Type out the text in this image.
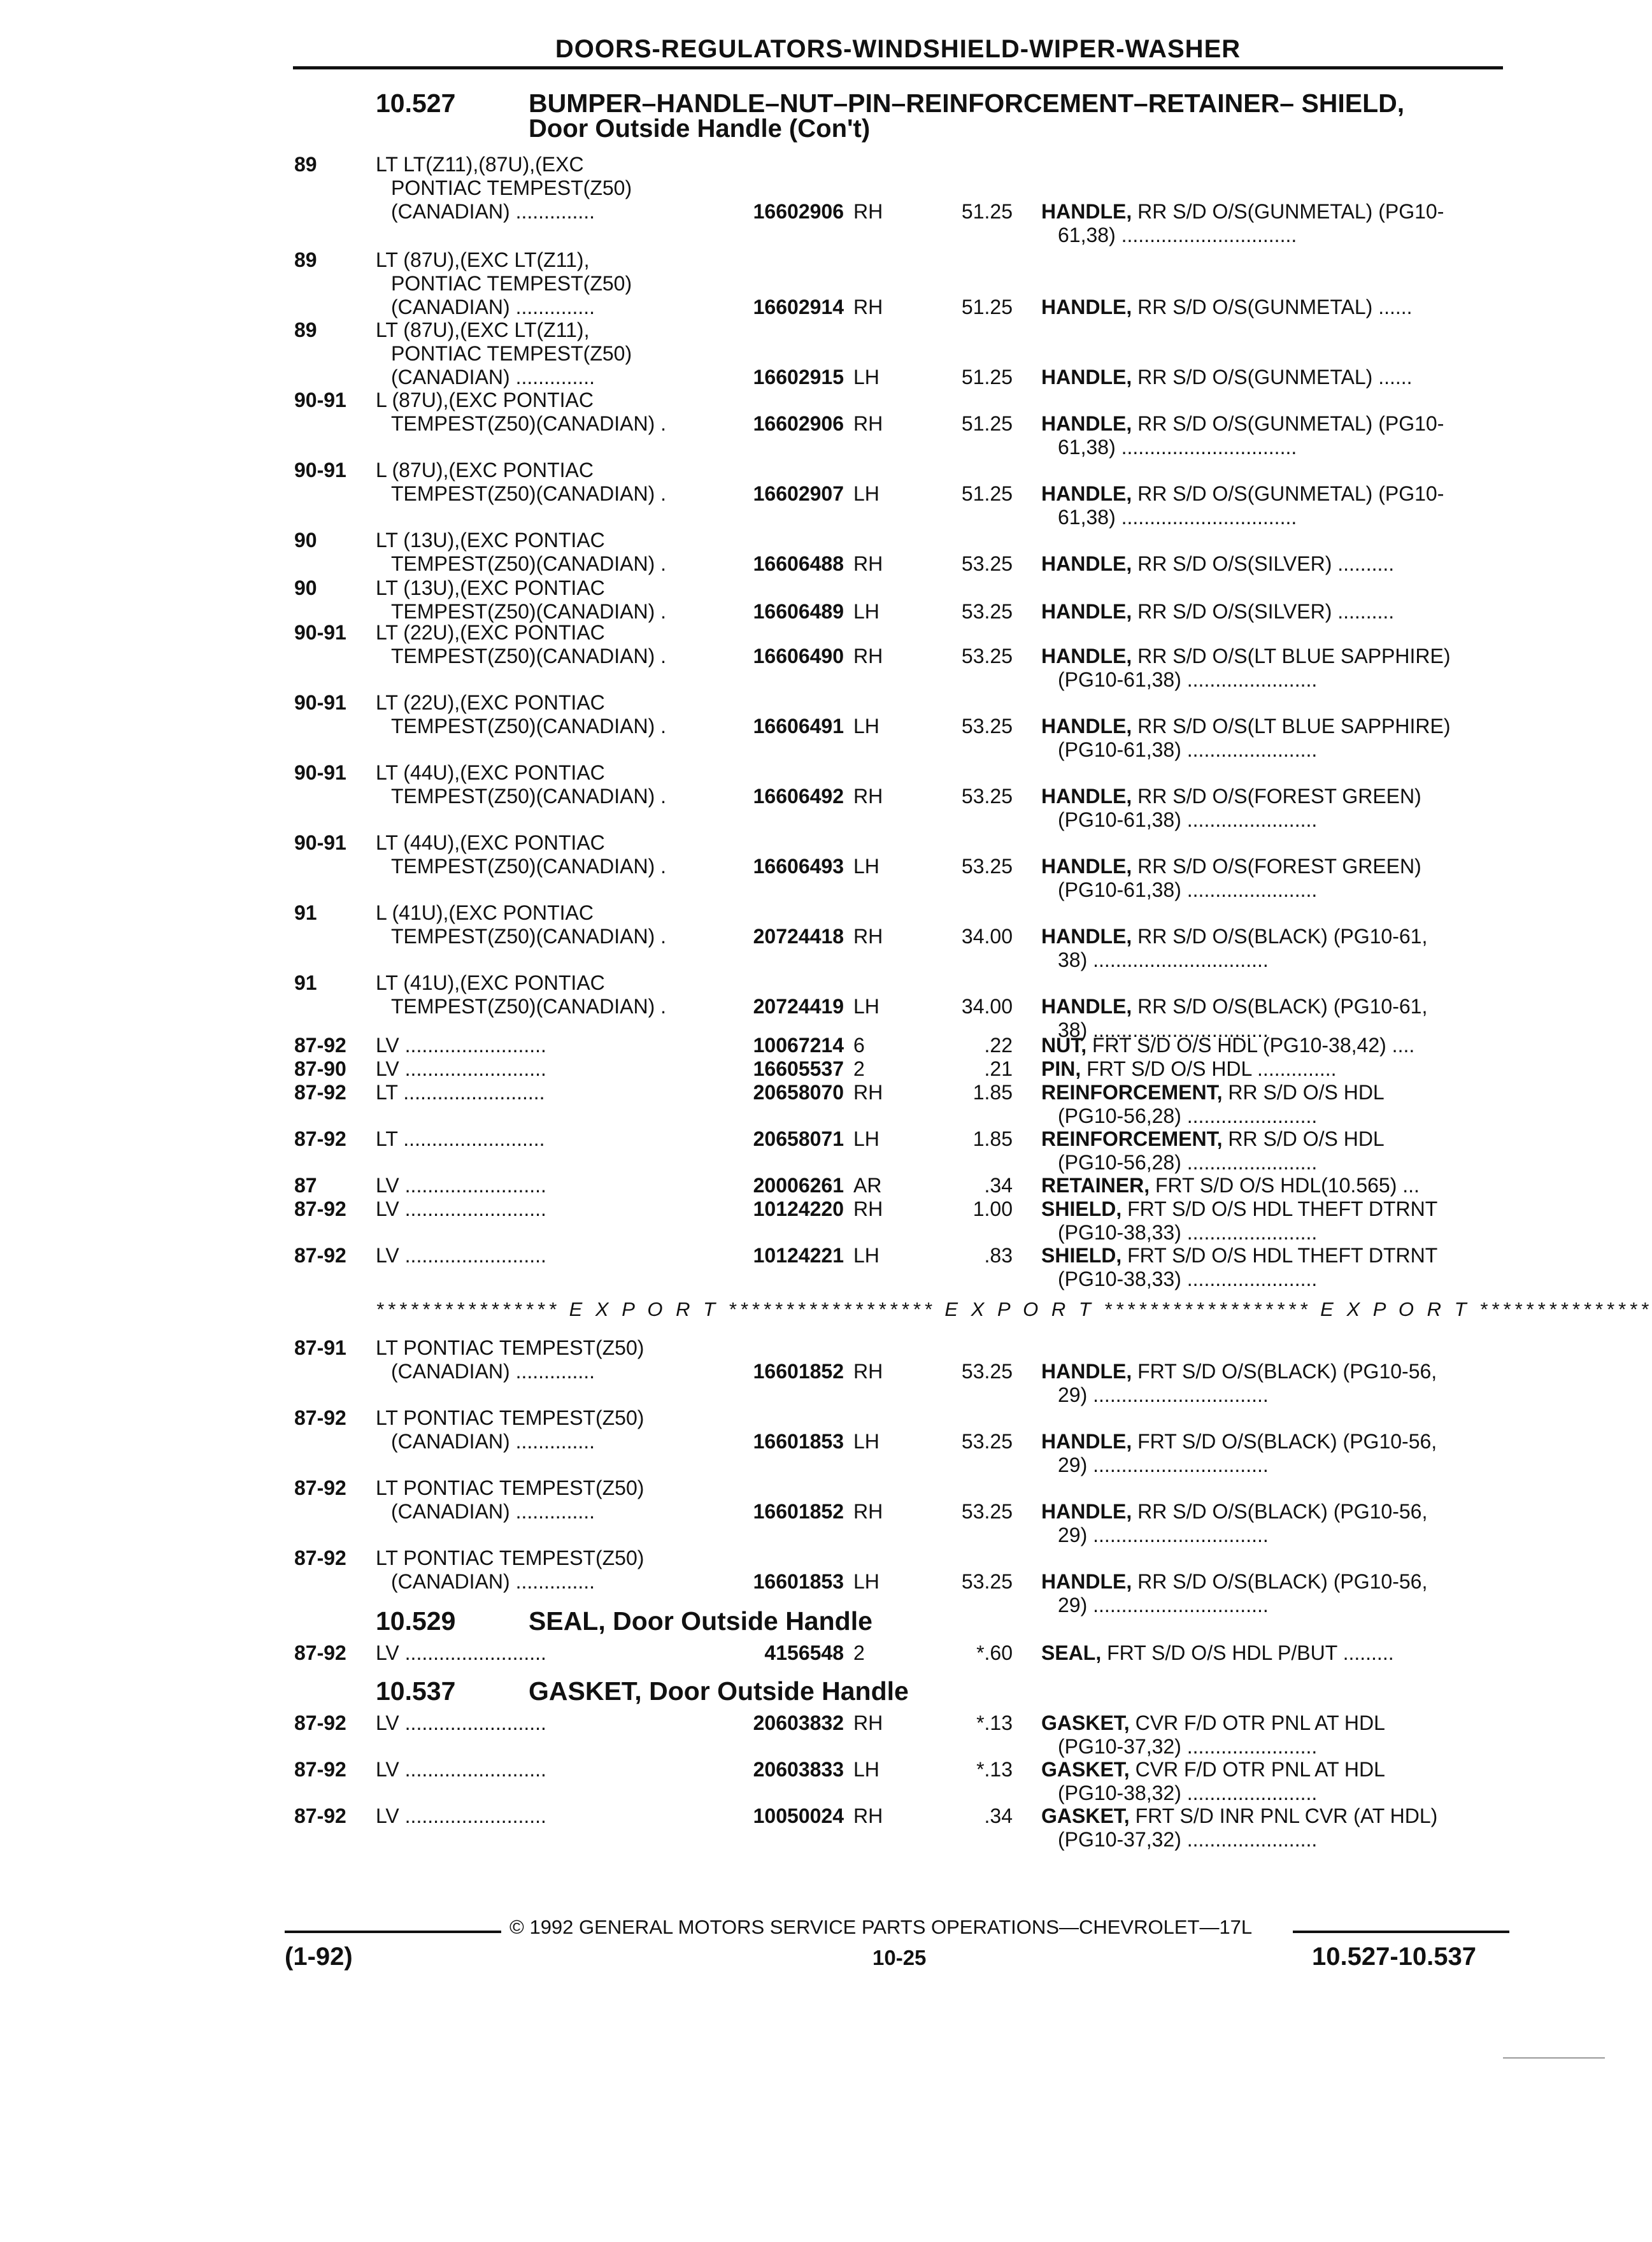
DOORS-REGULATORS-WINDSHIELD-WIPER-WASHER
10.527	BUMPER–HANDLE–NUT–PIN–REINFORCEMENT–RETAINER– SHIELD,
Door Outside Handle (Con't)
89	LT LT(Z11),(87U),(EXC
PONTIAC TEMPEST(Z50)
(CANADIAN) ..............	16602906 RH	51.25 HANDLE, RR S/D O/S(GUNMETAL) (PG10-
61,38) ...............................
89	LT (87U),(EXC LT(Z11),
PONTIAC TEMPEST(Z50)
(CANADIAN) ..............	16602914 RH	51.25 HANDLE, RR S/D O/S(GUNMETAL) ......
89	LT (87U),(EXC LT(Z11),
PONTIAC TEMPEST(Z50)
(CANADIAN) ..............	16602915 LH	51.25 HANDLE, RR S/D O/S(GUNMETAL) ......
90-91	L (87U),(EXC PONTIAC
TEMPEST(Z50)(CANADIAN) .	16602906 RH	51.25 HANDLE, RR S/D O/S(GUNMETAL) (PG10-
61,38) ...............................
90-91	L (87U),(EXC PONTIAC
TEMPEST(Z50)(CANADIAN) .	16602907 LH	51.25 HANDLE, RR S/D O/S(GUNMETAL) (PG10-
61,38) ...............................
90	LT (13U),(EXC PONTIAC
TEMPEST(Z50)(CANADIAN) .	16606488 RH	53.25 HANDLE, RR S/D O/S(SILVER) ..........
90	LT (13U),(EXC PONTIAC
TEMPEST(Z50)(CANADIAN) .	16606489 LH	53.25 HANDLE, RR S/D O/S(SILVER) ..........
90-91	LT (22U),(EXC PONTIAC
TEMPEST(Z50)(CANADIAN) .	16606490 RH	53.25 HANDLE, RR S/D O/S(LT BLUE SAPPHIRE)
(PG10-61,38) .......................
90-91	LT (22U),(EXC PONTIAC
TEMPEST(Z50)(CANADIAN) .	16606491 LH	53.25 HANDLE, RR S/D O/S(LT BLUE SAPPHIRE)
(PG10-61,38) .......................
90-91	LT (44U),(EXC PONTIAC
TEMPEST(Z50)(CANADIAN) .	16606492 RH	53.25 HANDLE, RR S/D O/S(FOREST GREEN)
(PG10-61,38) .......................
90-91	LT (44U),(EXC PONTIAC
TEMPEST(Z50)(CANADIAN) .	16606493 LH	53.25 HANDLE, RR S/D O/S(FOREST GREEN)
(PG10-61,38) .......................
91	L (41U),(EXC PONTIAC
TEMPEST(Z50)(CANADIAN) .	20724418 RH	34.00 HANDLE, RR S/D O/S(BLACK) (PG10-61,
38) ...............................
91	LT (41U),(EXC PONTIAC
TEMPEST(Z50)(CANADIAN) .	20724419 LH	34.00 HANDLE, RR S/D O/S(BLACK) (PG10-61,
38) ...............................
87-92	LV .........................	10067214 6	.22 NUT, FRT S/D O/S HDL (PG10-38,42) ....
87-90	LV .........................	16605537 2	.21 PIN, FRT S/D O/S HDL ..............
87-92	LT .........................	20658070 RH	1.85 REINFORCEMENT, RR S/D O/S HDL
(PG10-56,28) .......................
87-92	LT .........................	20658071 LH	1.85 REINFORCEMENT, RR S/D O/S HDL
(PG10-56,28) .......................
87	LV .........................	20006261 AR	.34 RETAINER, FRT S/D O/S HDL(10.565) ...
87-92	LV .........................	10124220 RH	1.00 SHIELD, FRT S/D O/S HDL THEFT DTRNT
(PG10-38,33) .......................
87-92	LV .........................	10124221 LH	.83 SHIELD, FRT S/D O/S HDL THEFT DTRNT
(PG10-38,33) .......................
87-91	LT PONTIAC TEMPEST(Z50)
(CANADIAN) ..............	16601852 RH	53.25 HANDLE, FRT S/D O/S(BLACK) (PG10-56,
29) ...............................
87-92	LT PONTIAC TEMPEST(Z50)
(CANADIAN) ..............	16601853 LH	53.25 HANDLE, FRT S/D O/S(BLACK) (PG10-56,
29) ...............................
87-92	LT PONTIAC TEMPEST(Z50)
(CANADIAN) ..............	16601852 RH	53.25 HANDLE, RR S/D O/S(BLACK) (PG10-56,
29) ...............................
87-92	LT PONTIAC TEMPEST(Z50)
(CANADIAN) ..............	16601853 LH	53.25 HANDLE, RR S/D O/S(BLACK) (PG10-56,
29) ...............................
87-92	LV .........................	4156548 2	*.60 SEAL, FRT S/D O/S HDL P/BUT .........
87-92	LV .........................	20603832 RH	*.13 GASKET, CVR F/D OTR PNL AT HDL
(PG10-37,32) .......................
87-92	LV .........................	20603833 LH	*.13 GASKET, CVR F/D OTR PNL AT HDL
(PG10-38,32) .......................
87-92	LV .........................	10050024 RH	.34 GASKET, FRT S/D INR PNL CVR (AT HDL)
(PG10-37,32) .......................
**************** E X P O R T ****************** E X P O R T ****************** E X P O R T ***************
10.529	SEAL, Door Outside Handle
10.537	GASKET, Door Outside Handle
© 1992 GENERAL MOTORS SERVICE PARTS OPERATIONS—CHEVROLET—17L
(1-92)	10-25	10.527-10.537
